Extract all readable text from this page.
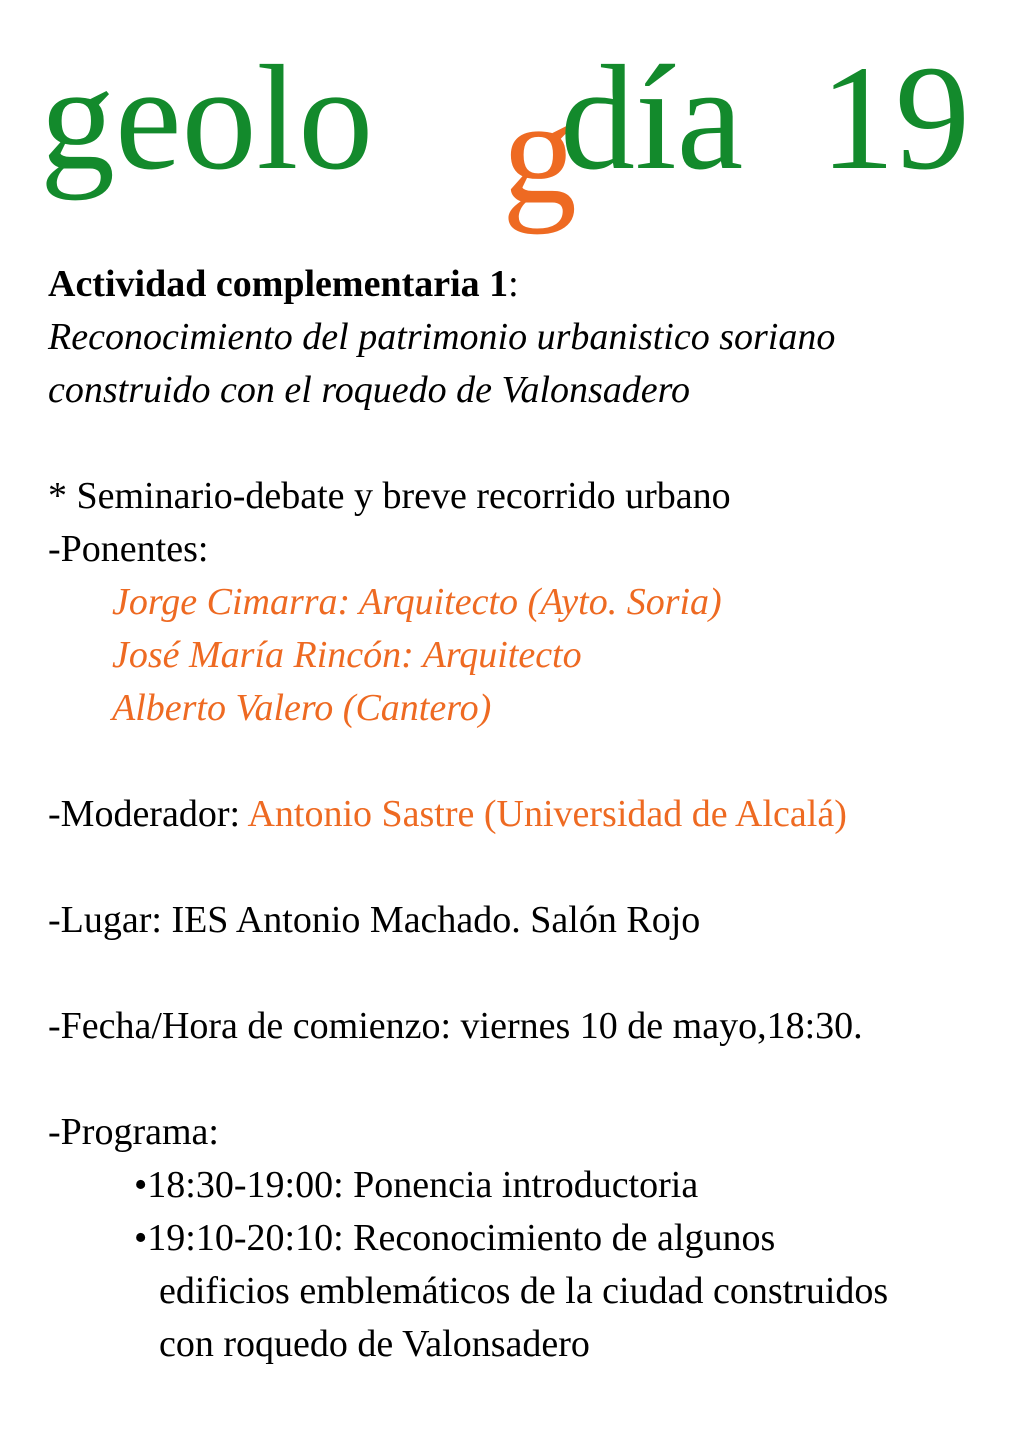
geolo g
día 19

Actividad complementaria 1:

Reconocimiento del patrimonio urbanistico soriano

construido con el roquedo de Valonsadero

* Seminario-debate y breve recorrido urbano

-Ponentes:

Jorge Cimarra: Arquitecto (Ayto. Soria)

José María Rincón: Arquitecto

Alberto Valero (Cantero)

-Moderador: Antonio Sastre (Universidad de Alcalá)

-Lugar: IES Antonio Machado. Salón Rojo

-Fecha/Hora de comienzo: viernes 10 de mayo,18:30.

-Programa:

•18:30-19:00: Ponencia introductoria

•19:10-20:10: Reconocimiento de algunos

edificios emblemáticos de la ciudad construidos

con roquedo de Valonsadero
